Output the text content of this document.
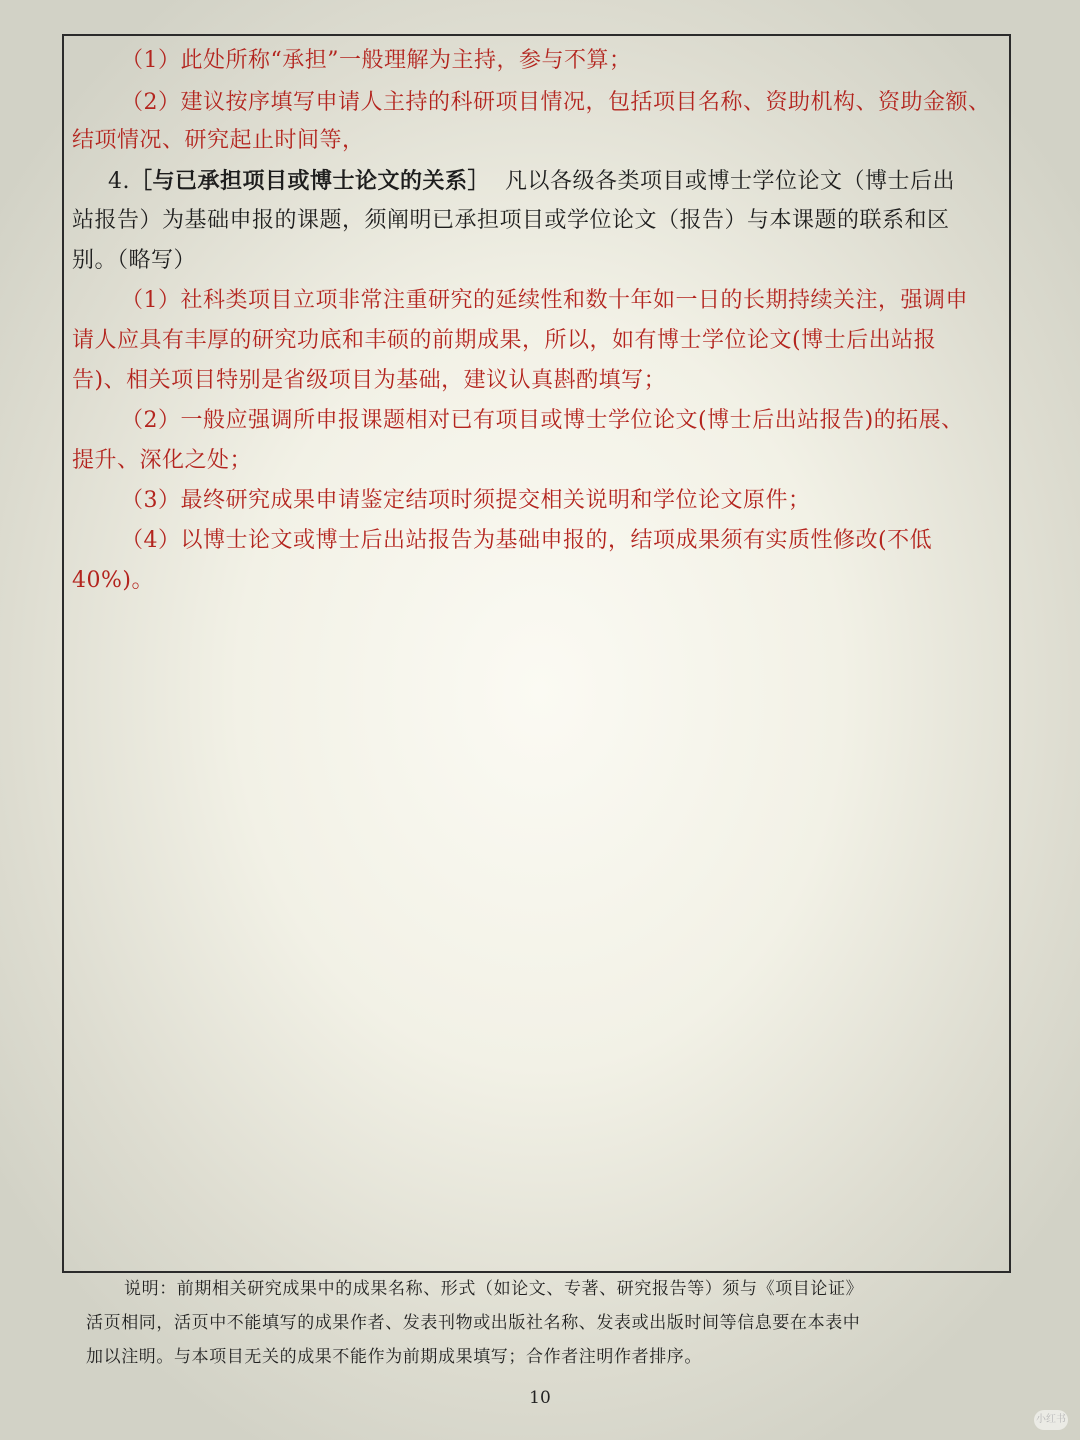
（1）此处所称“承担”一般理解为主持，参与不算；
（2）建议按序填写申请人主持的科研项目情况，包括项目名称、资助机构、资助金额、
结项情况、研究起止时间等，
4.［与已承担项目或博士论文的关系］ 凡以各级各类项目或博士学位论文（博士后出
站报告）为基础申报的课题，须阐明已承担项目或学位论文（报告）与本课题的联系和区
别。（略写）
（1）社科类项目立项非常注重研究的延续性和数十年如一日的长期持续关注，强调申
请人应具有丰厚的研究功底和丰硕的前期成果，所以，如有博士学位论文(博士后出站报
告)、相关项目特别是省级项目为基础，建议认真斟酌填写；
（2）一般应强调所申报课题相对已有项目或博士学位论文(博士后出站报告)的拓展、
提升、深化之处；
（3）最终研究成果申请鉴定结项时须提交相关说明和学位论文原件；
（4）以博士论文或博士后出站报告为基础申报的，结项成果须有实质性修改(不低
40%)。
说明：前期相关研究成果中的成果名称、形式（如论文、专著、研究报告等）须与《项目论证》
活页相同，活页中不能填写的成果作者、发表刊物或出版社名称、发表或出版时间等信息要在本表中
加以注明。与本项目无关的成果不能作为前期成果填写；合作者注明作者排序。
10
小红书
